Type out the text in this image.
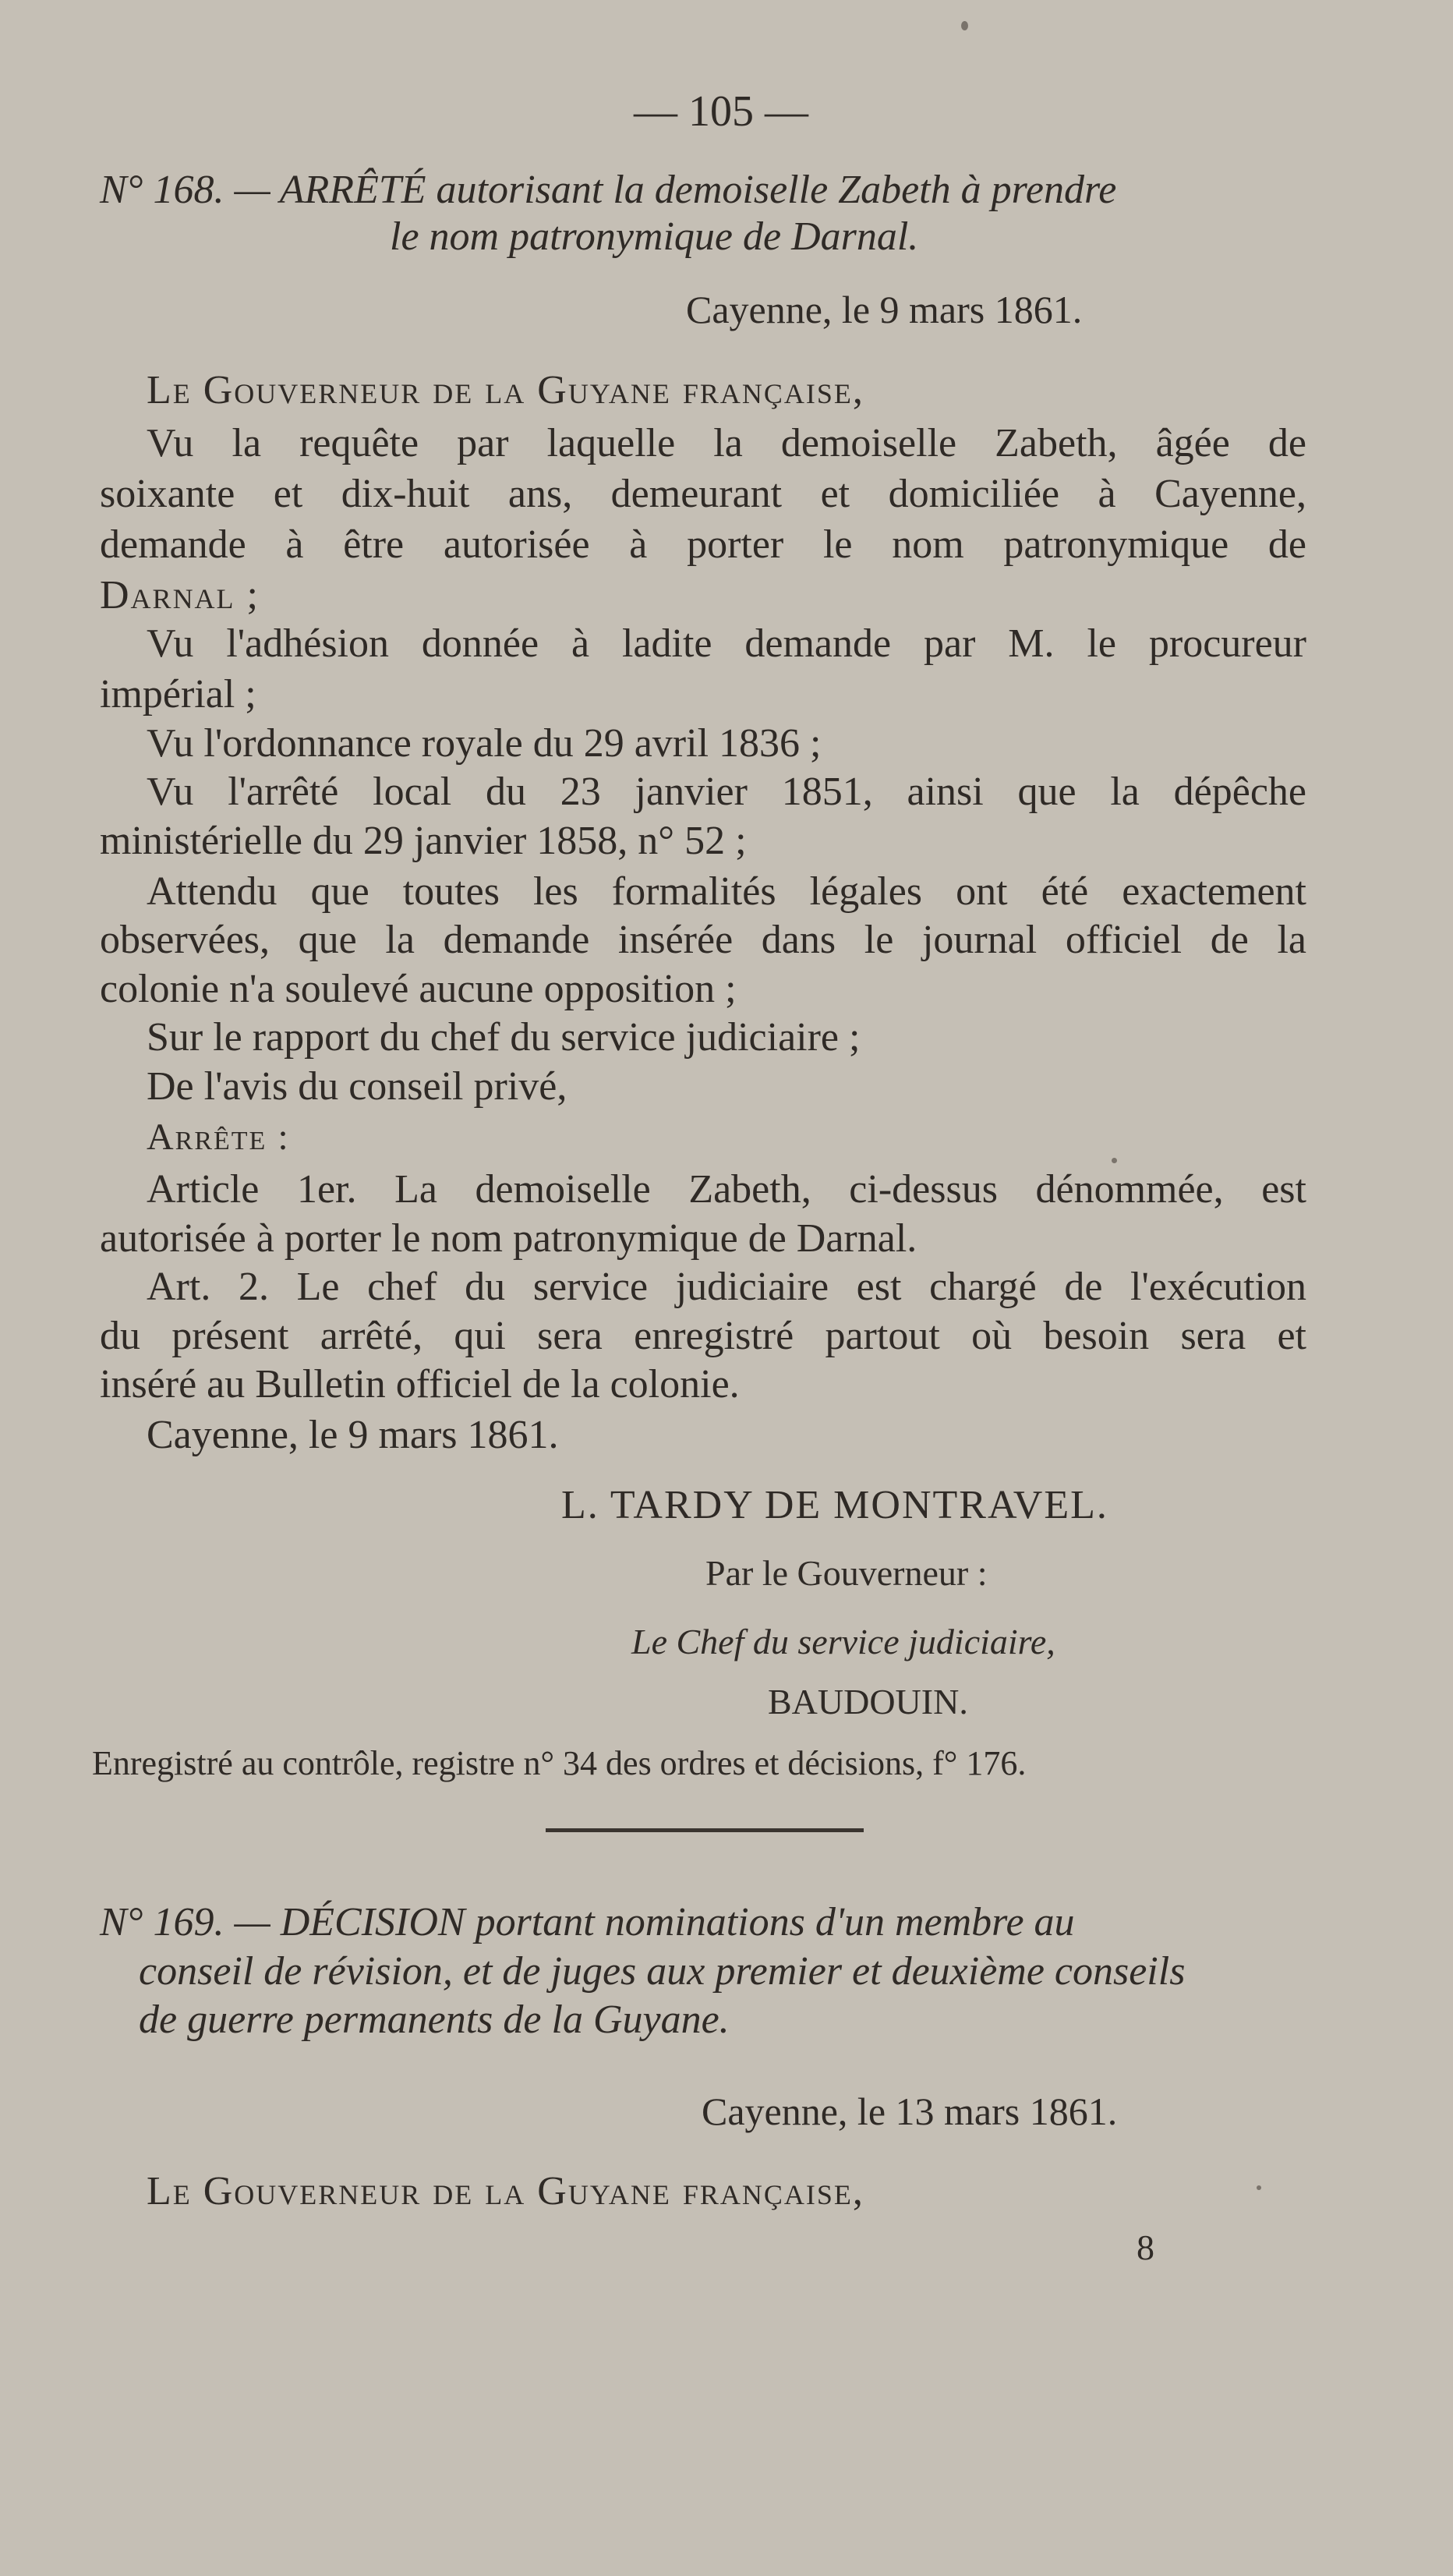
— 105 —
N° 168. — ARRÊTÉ autorisant la demoiselle Zabeth à prendre
le nom patronymique de Darnal.
Cayenne, le 9 mars 1861.
Le Gouverneur de la Guyane française,
Vu la requête par laquelle la demoiselle Zabeth, âgée de
soixante et dix-huit ans, demeurant et domiciliée à Cayenne,
demande à être autorisée à porter le nom patronymique de
Darnal ;
Vu l'adhésion donnée à ladite demande par M. le procureur
impérial ;
Vu l'ordonnance royale du 29 avril 1836 ;
Vu l'arrêté local du 23 janvier 1851, ainsi que la dépêche
ministérielle du 29 janvier 1858, n° 52 ;
Attendu que toutes les formalités légales ont été exactement
observées, que la demande insérée dans le journal officiel de la
colonie n'a soulevé aucune opposition ;
Sur le rapport du chef du service judiciaire ;
De l'avis du conseil privé,
Arrête :
Article 1er. La demoiselle Zabeth, ci-dessus dénommée, est
autorisée à porter le nom patronymique de Darnal.
Art. 2. Le chef du service judiciaire est chargé de l'exécution
du présent arrêté, qui sera enregistré partout où besoin sera et
inséré au Bulletin officiel de la colonie.
Cayenne, le 9 mars 1861.
L. TARDY DE MONTRAVEL.
Par le Gouverneur :
Le Chef du service judiciaire,
BAUDOUIN.
Enregistré au contrôle, registre n° 34 des ordres et décisions, f° 176.
N° 169. — DÉCISION portant nominations d'un membre au
conseil de révision, et de juges aux premier et deuxième conseils
de guerre permanents de la Guyane.
Cayenne, le 13 mars 1861.
Le Gouverneur de la Guyane française,
8
